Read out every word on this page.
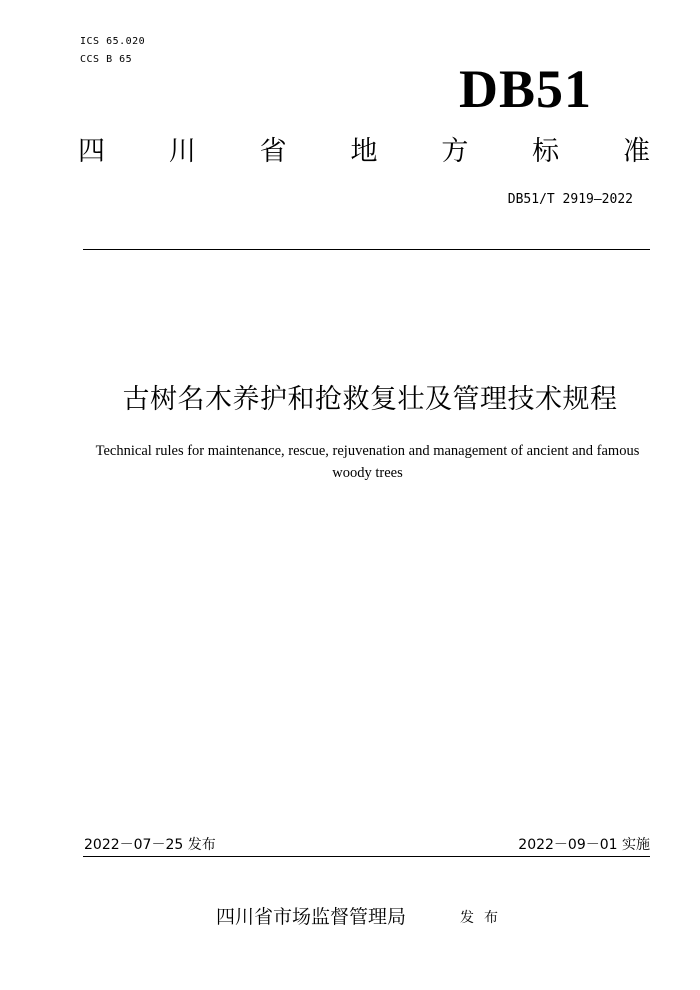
ICS 65.020
CCS B 65	DB51
四 川 省 地 方 标 准
DB51/T 2919—2022
古树名木养护和抢救复壮及管理技术规程
Technical rules for maintenance, rescue, rejuvenation and management of ancient and famous woody trees
2022－07－25 发布	2022－09－01 实施
四川省市场监督管理局	发布
